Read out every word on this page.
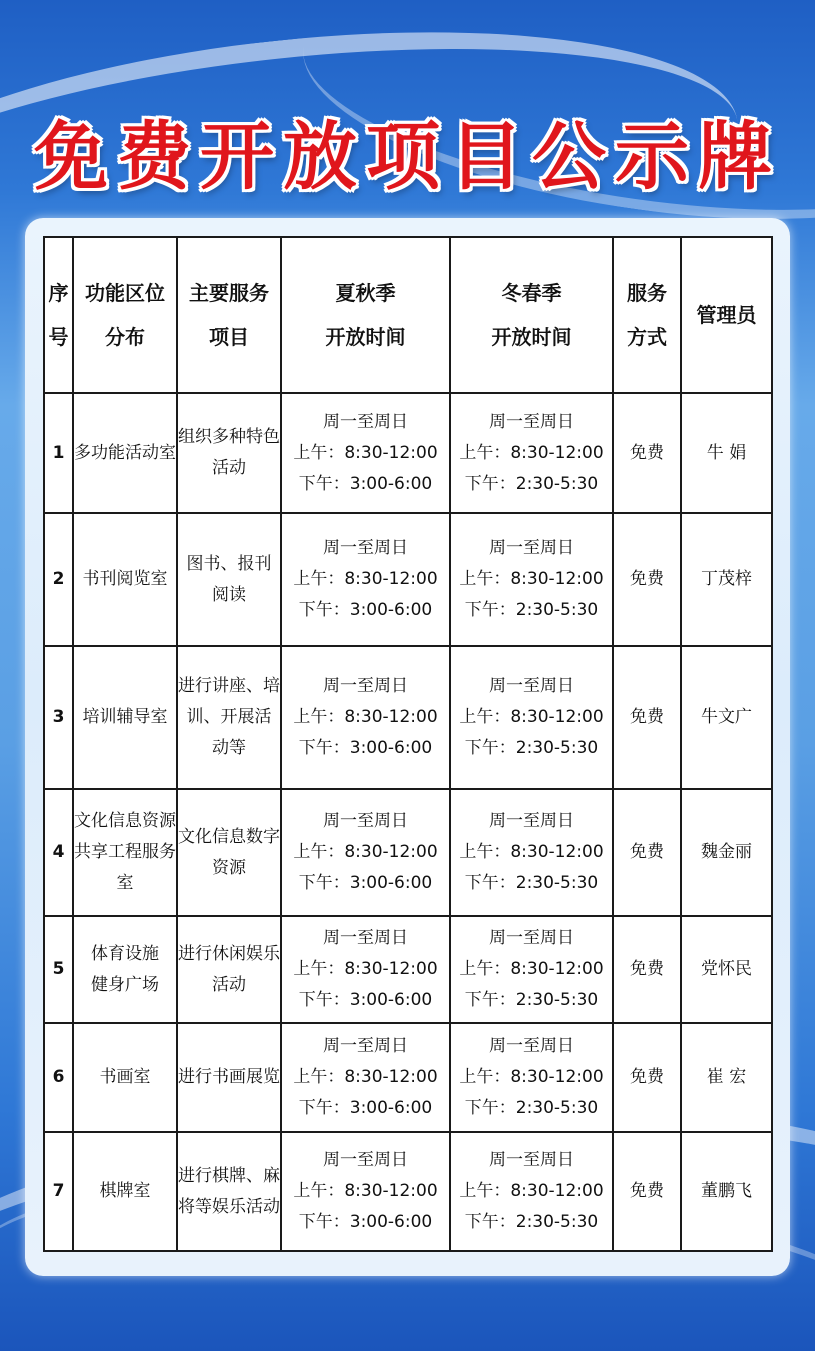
免费开放项目公示牌
序
号	功能区位
分布	主要服务
项目	夏秋季
开放时间	冬春季
开放时间	服务
方式	管理员

1	多功能活动室	组织多种特色
活动	周一至周日
上午：8:30-12:00
下午：3:00-6:00	周一至周日
上午：8:30-12:00
下午：2:30-5:30	免费	牛 娟
2	书刊阅览室	图书、报刊
阅读	周一至周日
上午：8:30-12:00
下午：3:00-6:00	周一至周日
上午：8:30-12:00
下午：2:30-5:30	免费	丁茂梓
3	培训辅导室	进行讲座、培
训、开展活
动等	周一至周日
上午：8:30-12:00
下午：3:00-6:00	周一至周日
上午：8:30-12:00
下午：2:30-5:30	免费	牛文广
4	文化信息资源
共享工程服务
室	文化信息数字
资源	周一至周日
上午：8:30-12:00
下午：3:00-6:00	周一至周日
上午：8:30-12:00
下午：2:30-5:30	免费	魏金丽
5	体育设施
健身广场	进行休闲娱乐
活动	周一至周日
上午：8:30-12:00
下午：3:00-6:00	周一至周日
上午：8:30-12:00
下午：2:30-5:30	免费	党怀民
6	书画室	进行书画展览	周一至周日
上午：8:30-12:00
下午：3:00-6:00	周一至周日
上午：8:30-12:00
下午：2:30-5:30	免费	崔 宏
7	棋牌室	进行棋牌、麻
将等娱乐活动	周一至周日
上午：8:30-12:00
下午：3:00-6:00	周一至周日
上午：8:30-12:00
下午：2:30-5:30	免费	董鹏飞
